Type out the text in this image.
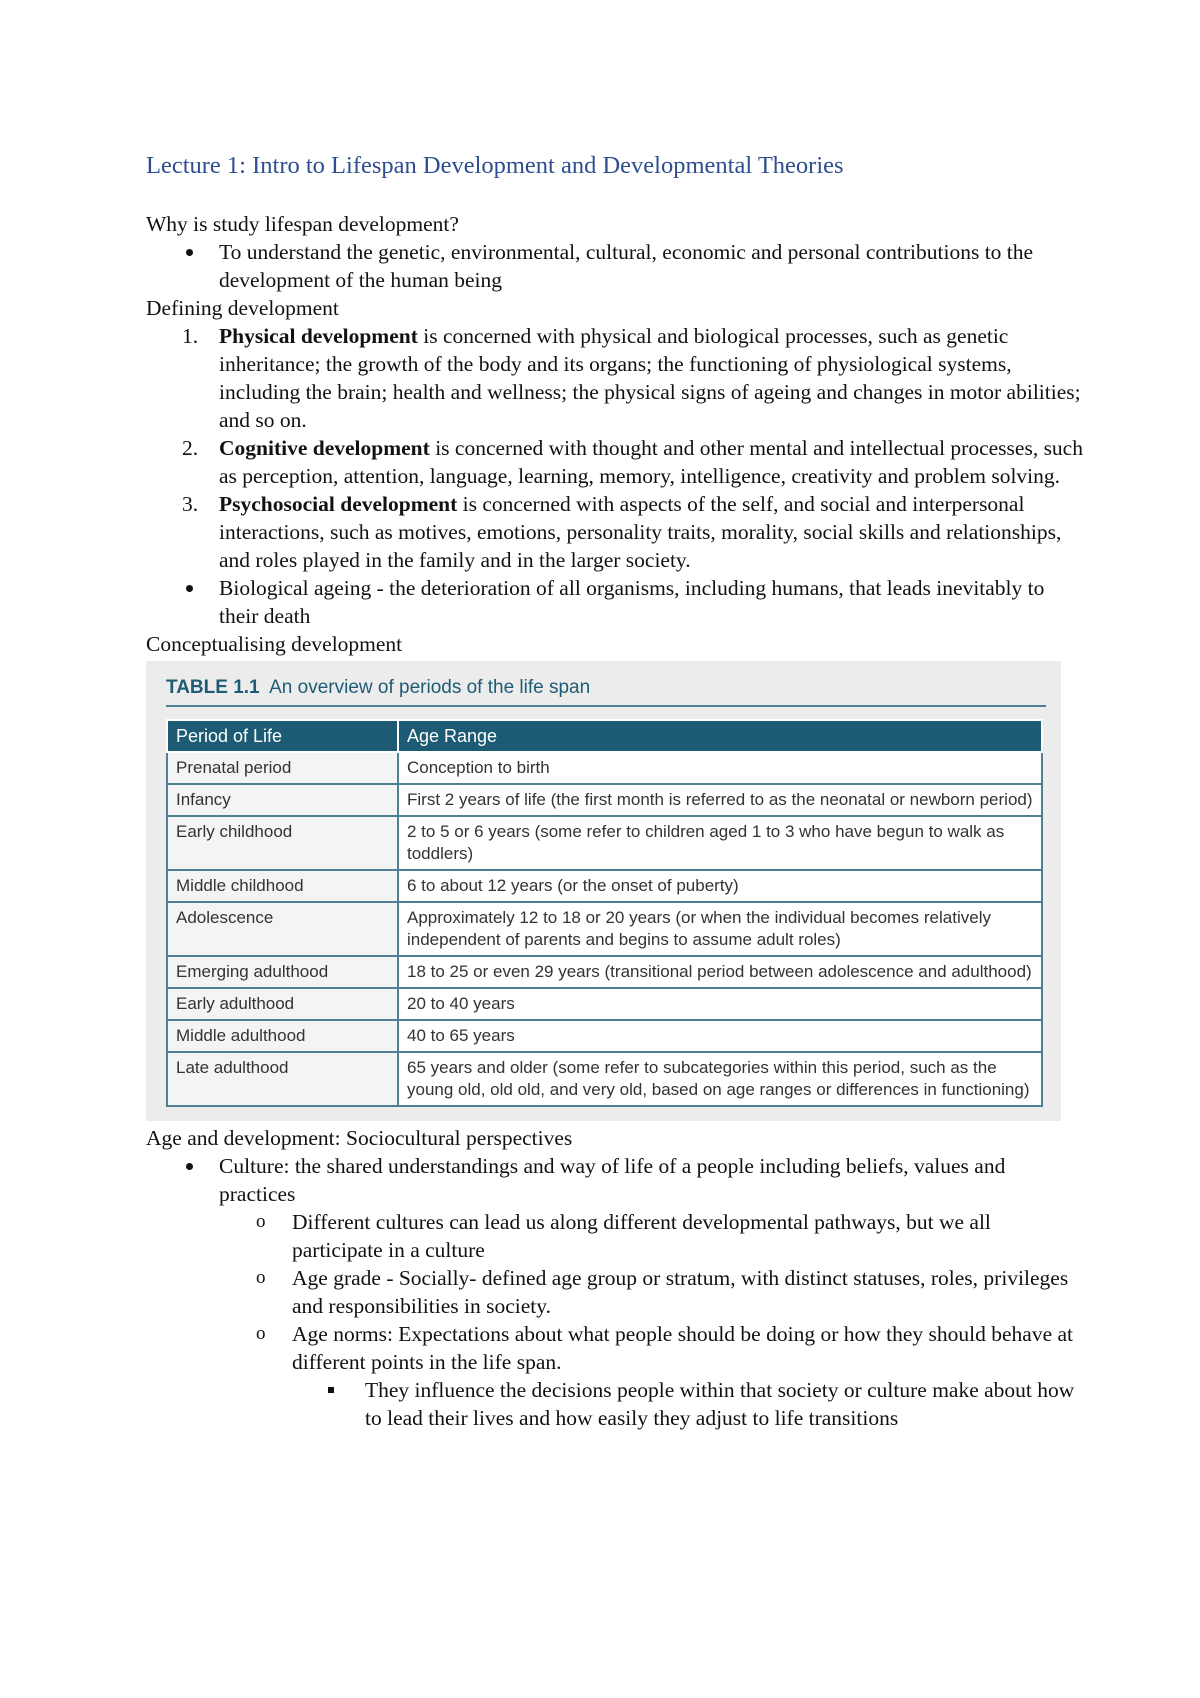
Lecture 1: Intro to Lifespan Development and Developmental Theories

Why is study lifespan development?

To understand the genetic, environmental, cultural, economic and personal contributions to the development of the human being

Defining development

1. Physical development is concerned with physical and biological processes, such as genetic inheritance; the growth of the body and its organs; the functioning of physiological systems, including the brain; health and wellness; the physical signs of ageing and changes in motor abilities; and so on.
2. Cognitive development is concerned with thought and other mental and intellectual processes, such as perception, attention, language, learning, memory, intelligence, creativity and problem solving.
3. Psychosocial development is concerned with aspects of the self, and social and interpersonal interactions, such as motives, emotions, personality traits, morality, social skills and relationships, and roles played in the family and in the larger society.
Biological ageing - the deterioration of all organisms, including humans, that leads inevitably to their death

Conceptualising development

TABLE 1.1 An overview of periods of the life span
Period of Life	Age Range
Prenatal period	Conception to birth
Infancy	First 2 years of life (the first month is referred to as the neonatal or newborn period)
Early childhood	2 to 5 or 6 years (some refer to children aged 1 to 3 who have begun to walk as toddlers)
Middle childhood	6 to about 12 years (or the onset of puberty)
Adolescence	Approximately 12 to 18 or 20 years (or when the individual becomes relatively independent of parents and begins to assume adult roles)
Emerging adulthood	18 to 25 or even 29 years (transitional period between adolescence and adulthood)
Early adulthood	20 to 40 years
Middle adulthood	40 to 65 years
Late adulthood	65 years and older (some refer to subcategories within this period, such as the young old, old old, and very old, based on age ranges or differences in functioning)

Age and development: Sociocultural perspectives

Culture: the shared understandings and way of life of a people including beliefs, values and practices
o Different cultures can lead us along different developmental pathways, but we all participate in a culture
o Age grade - Socially- defined age group or stratum, with distinct statuses, roles, privileges and responsibilities in society.
o Age norms: Expectations about what people should be doing or how they should behave at different points in the life span.
They influence the decisions people within that society or culture make about how to lead their lives and how easily they adjust to life transitions
